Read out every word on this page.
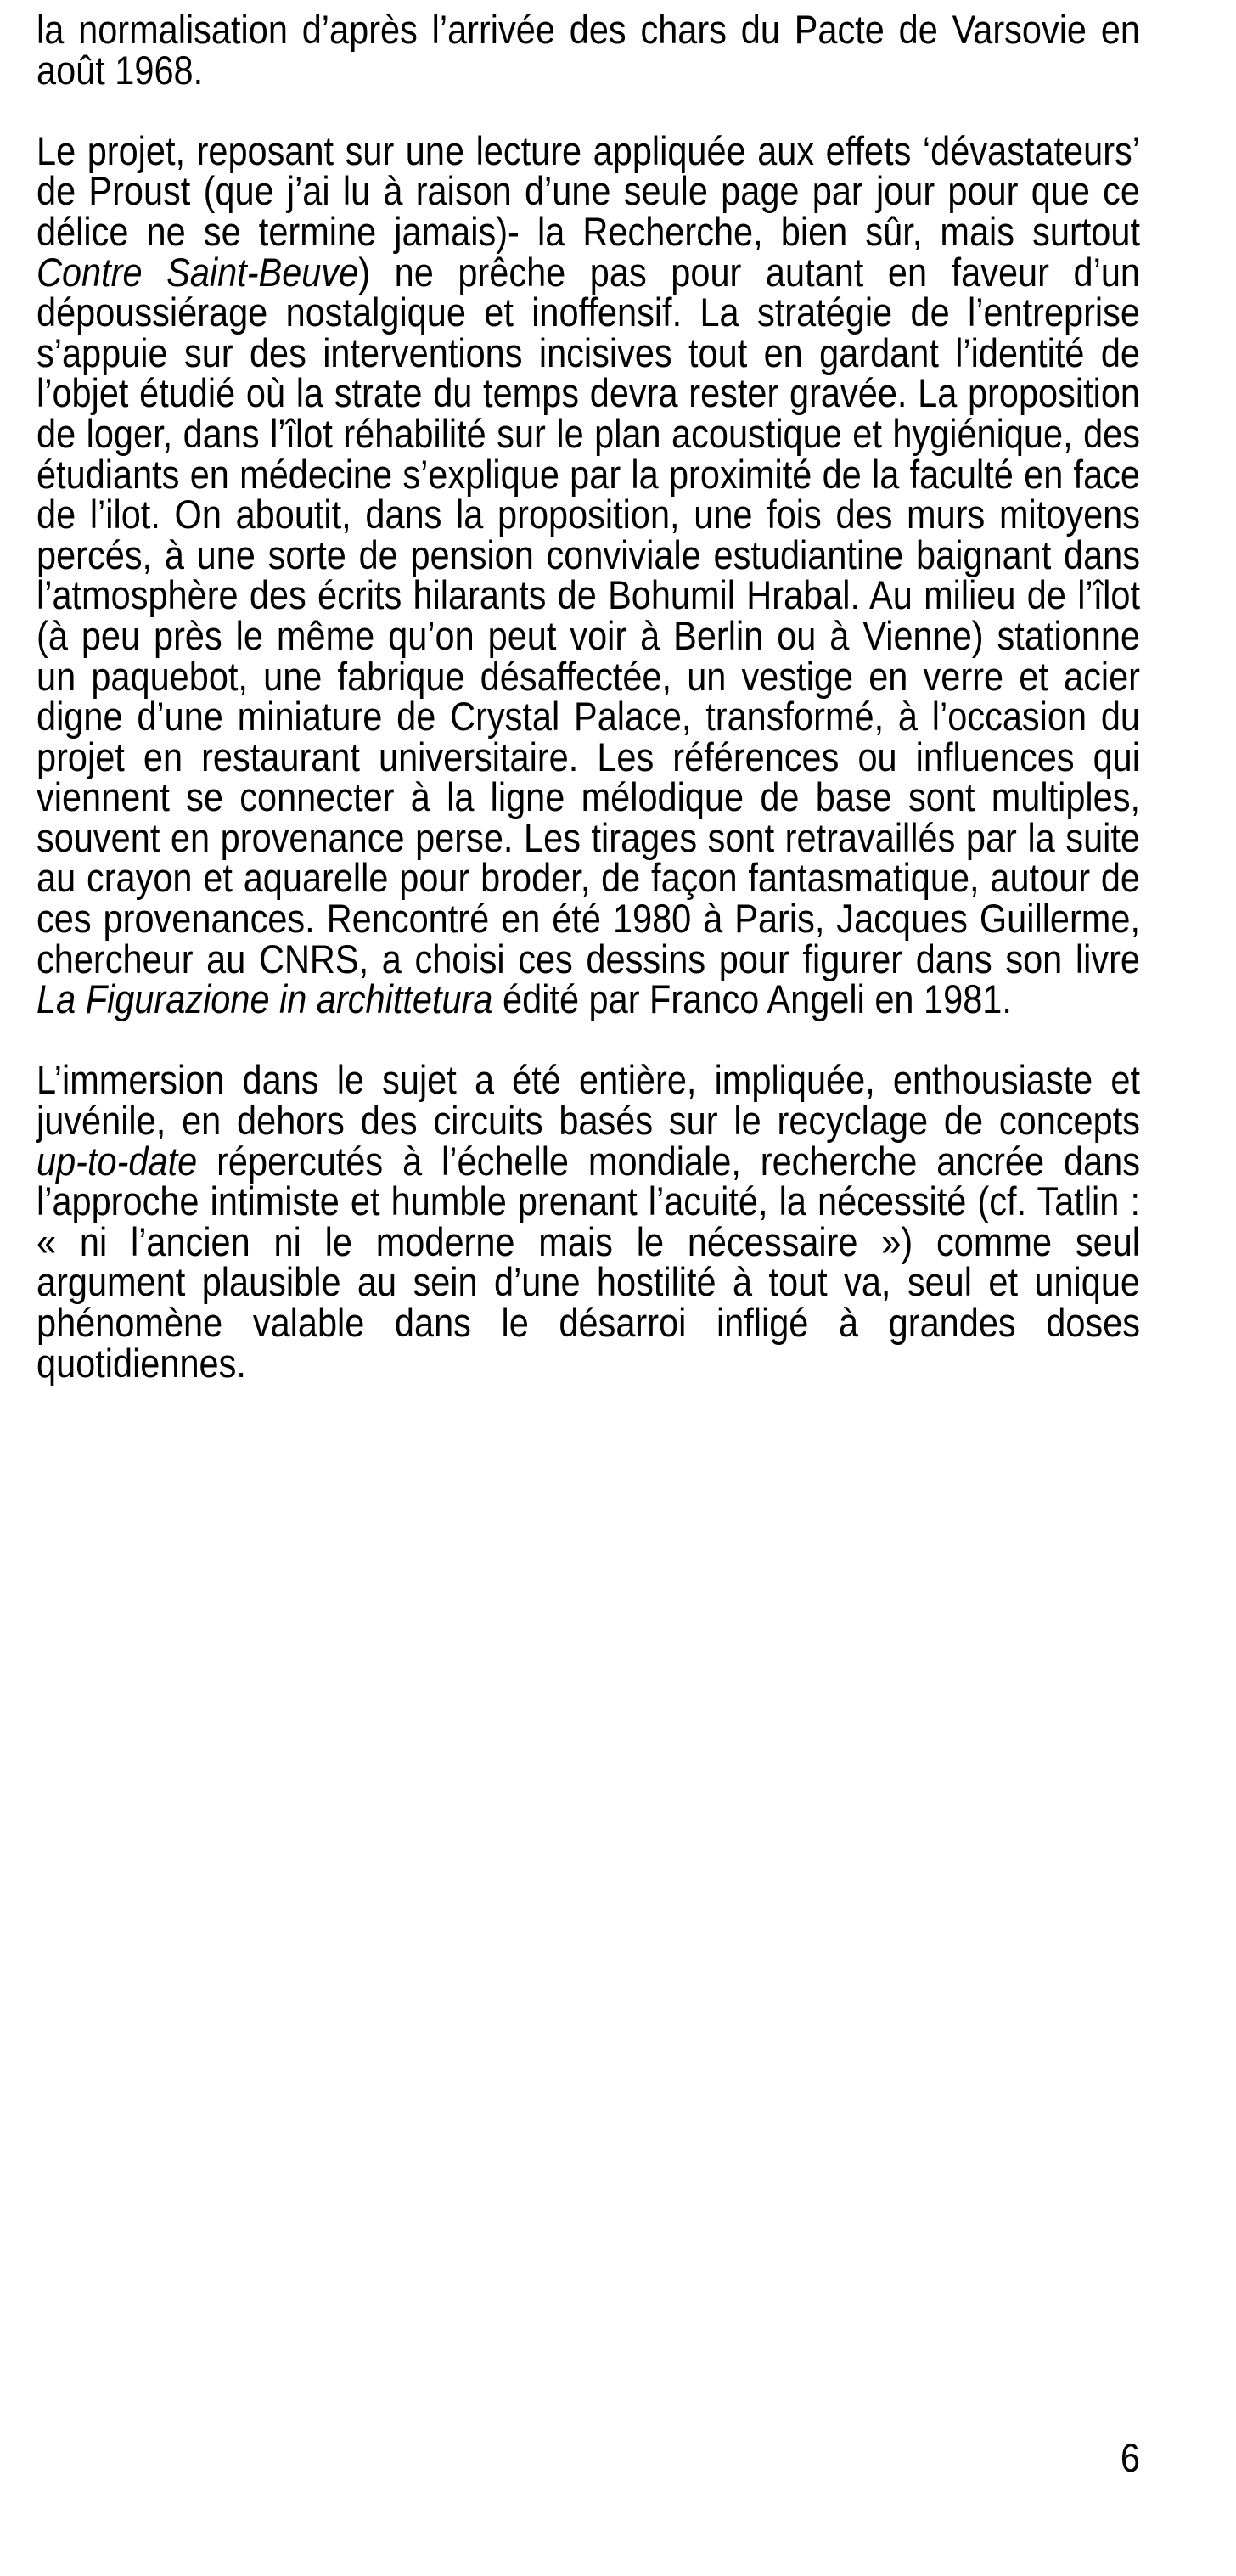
la normalisation d’après l’arrivée des chars du Pacte de Varsovie en
août 1968.
Le projet, reposant sur une lecture appliquée aux effets ‘dévastateurs’
de Proust (que j’ai lu à raison d’une seule page par jour pour que ce
délice ne se termine jamais)- la Recherche, bien sûr, mais surtout
Contre Saint-Beuve) ne prêche pas pour autant en faveur d’un
dépoussiérage nostalgique et inoffensif. La stratégie de l’entreprise
s’appuie sur des interventions incisives tout en gardant l’identité de
l’objet étudié où la strate du temps devra rester gravée. La proposition
de loger, dans l’îlot réhabilité sur le plan acoustique et hygiénique, des
étudiants en médecine s’explique par la proximité de la faculté en face
de l’ilot. On aboutit, dans la proposition, une fois des murs mitoyens
percés, à une sorte de pension conviviale estudiantine baignant dans
l’atmosphère des écrits hilarants de Bohumil Hrabal. Au milieu de l’îlot
(à peu près le même qu’on peut voir à Berlin ou à Vienne) stationne
un paquebot, une fabrique désaffectée, un vestige en verre et acier
digne d’une miniature de Crystal Palace, transformé, à l’occasion du
projet en restaurant universitaire. Les références ou influences qui
viennent se connecter à la ligne mélodique de base sont multiples,
souvent en provenance perse. Les tirages sont retravaillés par la suite
au crayon et aquarelle pour broder, de façon fantasmatique, autour de
ces provenances. Rencontré en été 1980 à Paris, Jacques Guillerme,
chercheur au CNRS, a choisi ces dessins pour figurer dans son livre
La Figurazione in archittetura édité par Franco Angeli en 1981.
L’immersion dans le sujet a été entière, impliquée, enthousiaste et
juvénile, en dehors des circuits basés sur le recyclage de concepts
up-to-date répercutés à l’échelle mondiale, recherche ancrée dans
l’approche intimiste et humble prenant l’acuité, la nécessité (cf. Tatlin :
« ni l’ancien ni le moderne mais le nécessaire ») comme seul
argument plausible au sein d’une hostilité à tout va, seul et unique
phénomène valable dans le désarroi infligé à grandes doses
quotidiennes.
6
